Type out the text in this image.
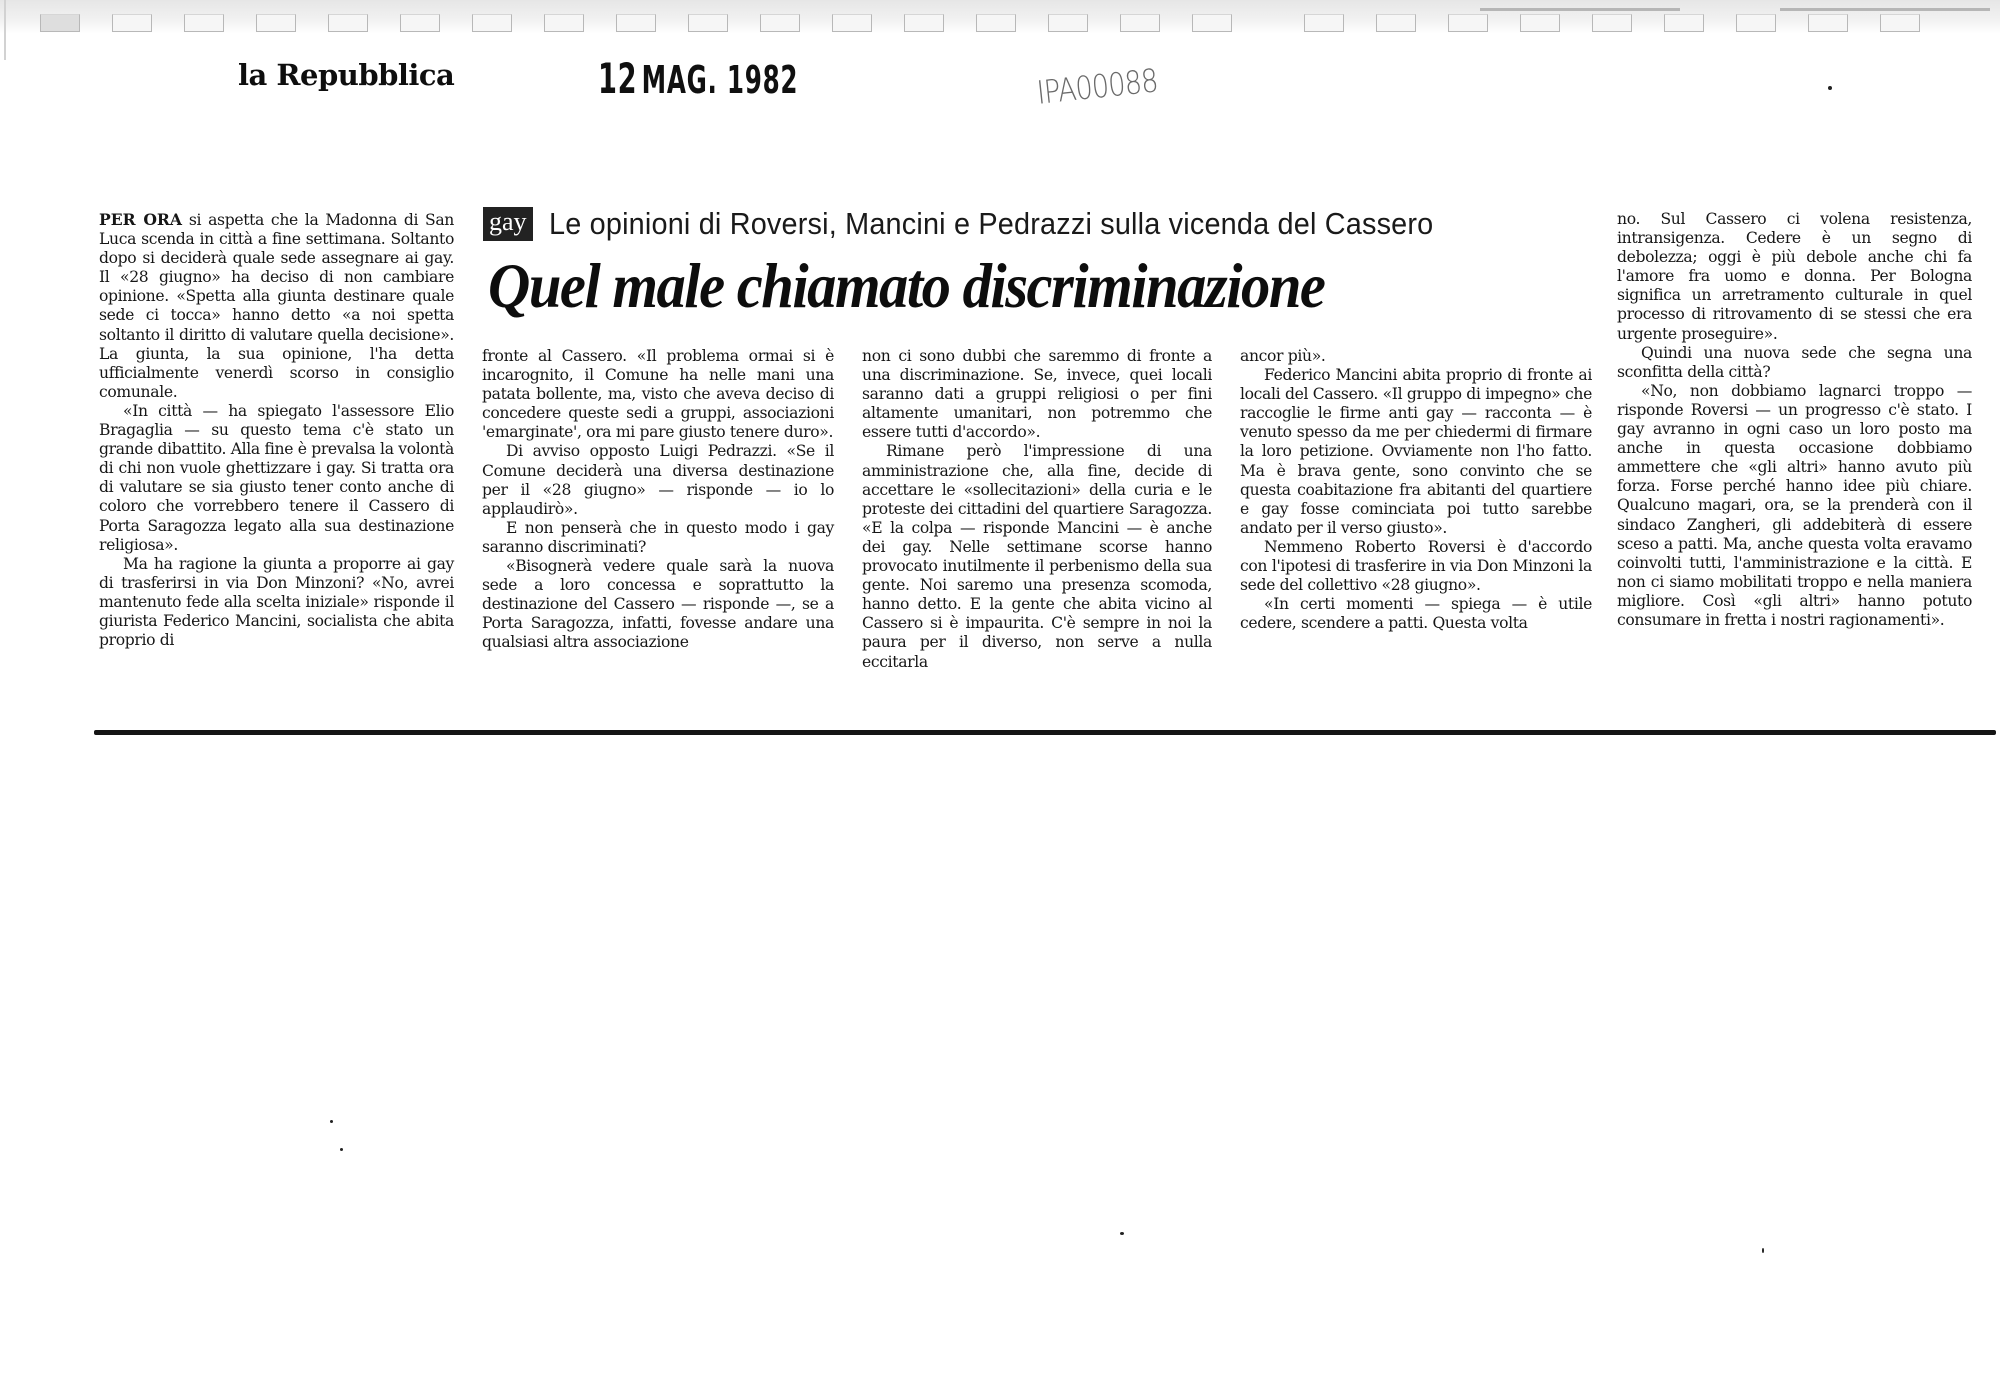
la Repubblica	12 MAG. 1982	IPA00088
gay Le opinioni di Roversi, Mancini e Pedrazzi sulla vicenda del Cassero
Quel male chiamato discriminazione

PER ORA si aspetta che la Madonna di San Luca scenda in città a fine settimana. Soltanto dopo si deciderà quale sede assegnare ai gay. Il «28 giugno» ha deciso di non cambiare opinione. «Spetta alla giunta destinare quale sede ci tocca» hanno detto «a noi spetta soltanto il diritto di valutare quella decisione». La giunta, la sua opinione, l'ha detta ufficialmente venerdì scorso in consiglio comunale.

«In città — ha spiegato l'assessore Elio Bragaglia — su questo tema c'è stato un grande dibattito. Alla fine è prevalsa la volontà di chi non vuole ghettizzare i gay. Si tratta ora di valutare se sia giusto tener conto anche di coloro che vorrebbero tenere il Cassero di Porta Saragozza legato alla sua destinazione religiosa».

Ma ha ragione la giunta a proporre ai gay di trasferirsi in via Don Minzoni? «No, avrei mantenuto fede alla scelta iniziale» risponde il giurista Federico Mancini, socialista che abita proprio di

fronte al Cassero. «Il problema ormai si è incarognito, il Comune ha nelle mani una patata bollente, ma, visto che aveva deciso di concedere queste sedi a gruppi, associazioni 'emarginate', ora mi pare giusto tenere duro».

Di avviso opposto Luigi Pedrazzi. «Se il Comune deciderà una diversa destinazione per il «28 giugno» — risponde — io lo applaudirò».

E non penserà che in questo modo i gay saranno discriminati?

«Bisognerà vedere quale sarà la nuova sede a loro concessa e soprattutto la destinazione del Cassero — risponde —, se a Porta Saragozza, infatti, fovesse andare una qualsiasi altra associazione

non ci sono dubbi che saremmo di fronte a una discriminazione. Se, invece, quei locali saranno dati a gruppi religiosi o per fini altamente umanitari, non potremmo che essere tutti d'accordo».

Rimane però l'impressione di una amministrazione che, alla fine, decide di accettare le «sollecitazioni» della curia e le proteste dei cittadini del quartiere Saragozza. «E la colpa — risponde Mancini — è anche dei gay. Nelle settimane scorse hanno provocato inutilmente il perbenismo della sua gente. Noi saremo una presenza scomoda, hanno detto. E la gente che abita vicino al Cassero si è impaurita. C'è sempre in noi la paura per il diverso, non serve a nulla eccitarla

ancor più».

Federico Mancini abita proprio di fronte ai locali del Cassero. «Il gruppo di impegno» che raccoglie le firme anti gay — racconta — è venuto spesso da me per chiedermi di firmare la loro petizione. Ovviamente non l'ho fatto. Ma è brava gente, sono convinto che se questa coabitazione fra abitanti del quartiere e gay fosse cominciata poi tutto sarebbe andato per il verso giusto».

Nemmeno Roberto Roversi è d'accordo con l'ipotesi di trasferire in via Don Minzoni la sede del collettivo «28 giugno».

«In certi momenti — spiega — è utile cedere, scendere a patti. Questa volta

no. Sul Cassero ci volena resistenza, intransigenza. Cedere è un segno di debolezza; oggi è più debole anche chi fa l'amore fra uomo e donna. Per Bologna significa un arretramento culturale in quel processo di ritrovamento di se stessi che era urgente proseguire».

Quindi una nuova sede che segna una sconfitta della città?

«No, non dobbiamo lagnarci troppo — risponde Roversi — un progresso c'è stato. I gay avranno in ogni caso un loro posto ma anche in questa occasione dobbiamo ammettere che «gli altri» hanno avuto più forza. Forse perché hanno idee più chiare. Qualcuno magari, ora, se la prenderà con il sindaco Zangheri, gli addebiterà di essere sceso a patti. Ma, anche questa volta eravamo coinvolti tutti, l'amministrazione e la città. E non ci siamo mobilitati troppo e nella maniera migliore. Così «gli altri» hanno potuto consumare in fretta i nostri ragionamenti».
